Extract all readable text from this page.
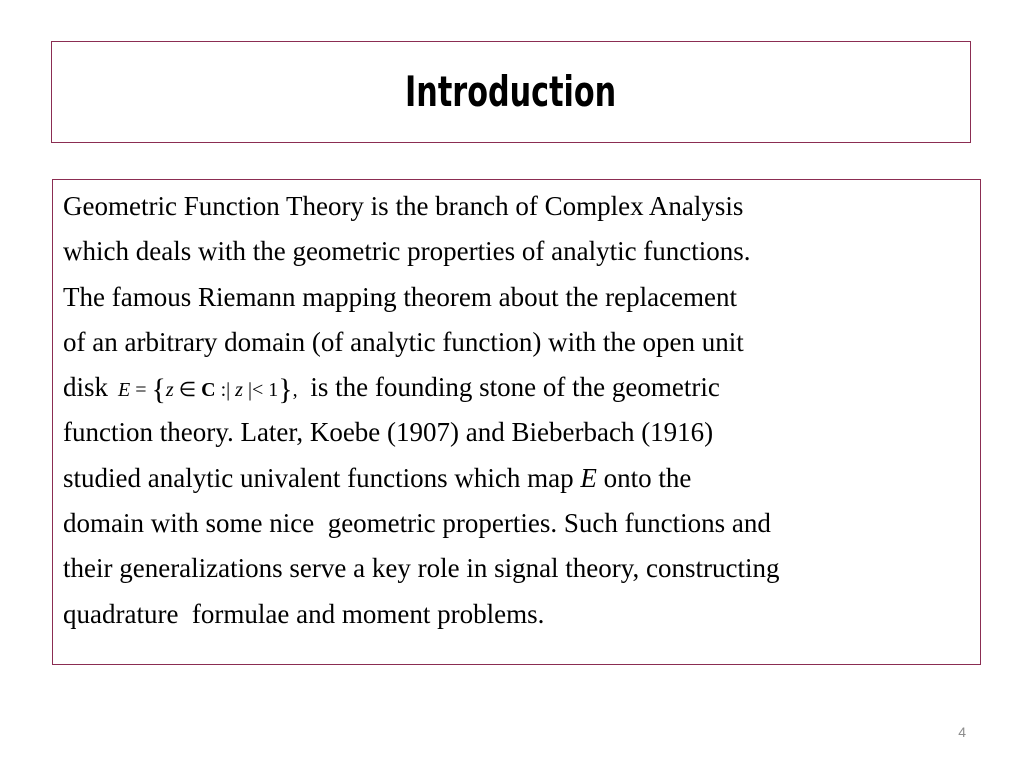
Introduction
Geometric Function Theory is the branch of Complex Analysis
which deals with the geometric properties of analytic functions.
The famous Riemann mapping theorem about the replacement
of an arbitrary domain (of analytic function) with the open unit
disk E = {z ∈ C :| z |< 1}, is the founding stone of the geometric
function theory. Later, Koebe (1907) and Bieberbach (1916)
studied analytic univalent functions which map E onto the
domain with some nice  geometric properties. Such functions and
their generalizations serve a key role in signal theory, constructing
quadrature  formulae and moment problems.
4
